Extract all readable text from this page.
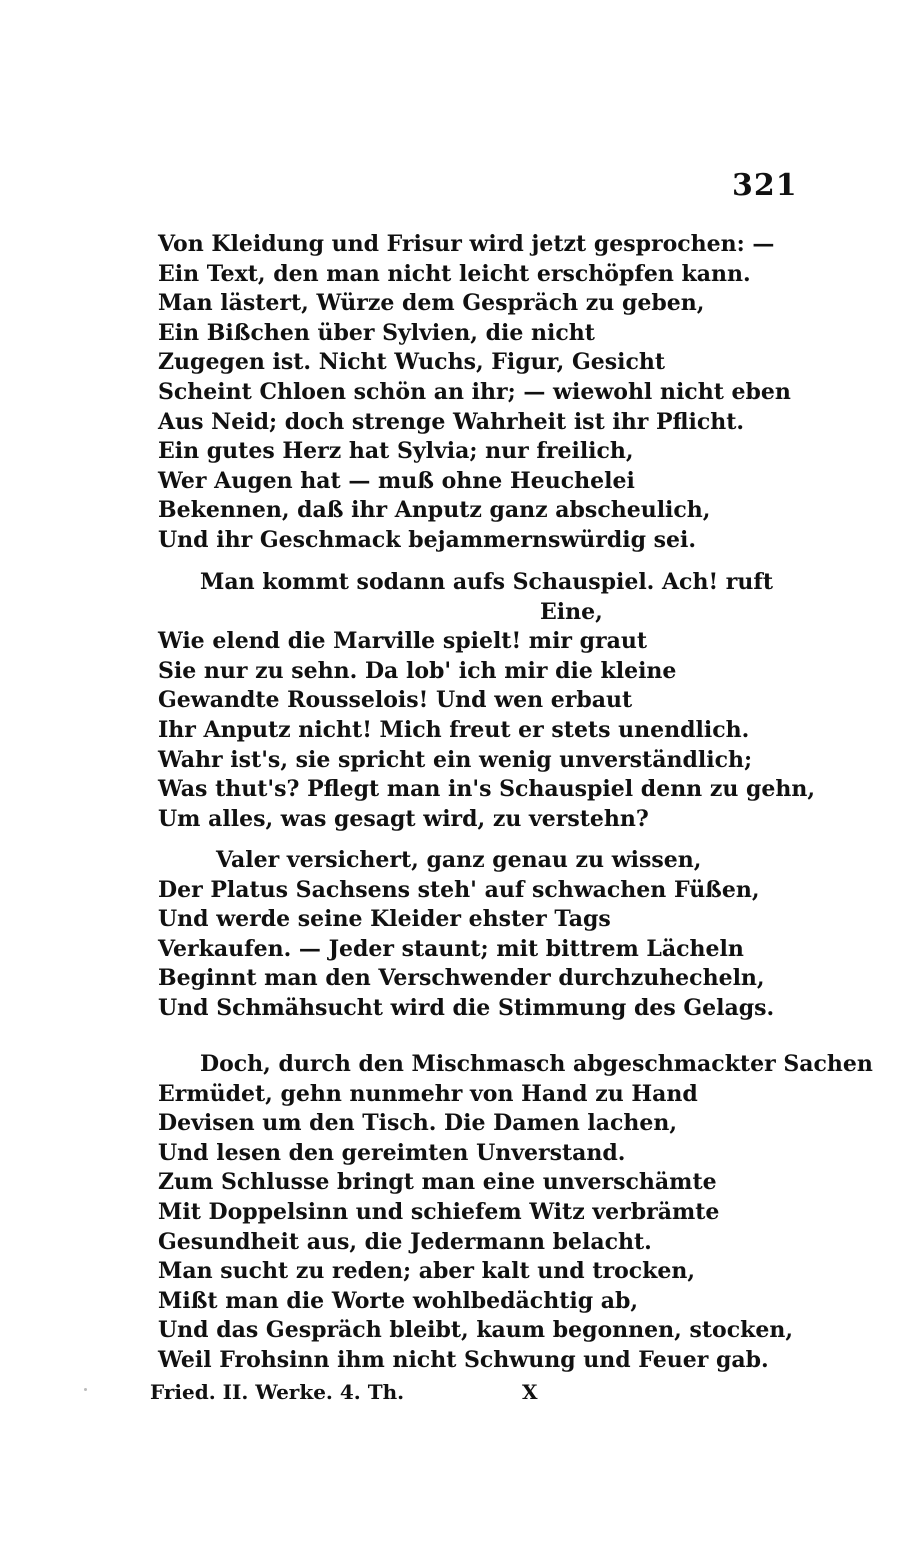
321
Von Kleidung und Frisur wird jetzt gesprochen: —
Ein Text, den man nicht leicht erschöpfen kann.
Man lästert, Würze dem Gespräch zu geben,
Ein Bißchen über Sylvien, die nicht
Zugegen ist. Nicht Wuchs, Figur, Gesicht
Scheint Chloen schön an ihr; — wiewohl nicht eben
Aus Neid; doch strenge Wahrheit ist ihr Pflicht.
Ein gutes Herz hat Sylvia; nur freilich,
Wer Augen hat — muß ohne Heuchelei
Bekennen, daß ihr Anputz ganz abscheulich,
Und ihr Geschmack bejammernswürdig sei.
Man kommt sodann aufs Schauspiel. Ach! ruft
Eine,
Wie elend die Marville spielt! mir graut
Sie nur zu sehn. Da lob' ich mir die kleine
Gewandte Rousselois! Und wen erbaut
Ihr Anputz nicht! Mich freut er stets unendlich.
Wahr ist's, sie spricht ein wenig unverständlich;
Was thut's? Pflegt man in's Schauspiel denn zu gehn,
Um alles, was gesagt wird, zu verstehn?
Valer versichert, ganz genau zu wissen,
Der Platus Sachsens steh' auf schwachen Füßen,
Und werde seine Kleider ehster Tags
Verkaufen. — Jeder staunt; mit bittrem Lächeln
Beginnt man den Verschwender durchzuhecheln,
Und Schmähsucht wird die Stimmung des Gelags.
Doch, durch den Mischmasch abgeschmackter Sachen
Ermüdet, gehn nunmehr von Hand zu Hand
Devisen um den Tisch. Die Damen lachen,
Und lesen den gereimten Unverstand.
Zum Schlusse bringt man eine unverschämte
Mit Doppelsinn und schiefem Witz verbrämte
Gesundheit aus, die Jedermann belacht.
Man sucht zu reden; aber kalt und trocken,
Mißt man die Worte wohlbedächtig ab,
Und das Gespräch bleibt, kaum begonnen, stocken,
Weil Frohsinn ihm nicht Schwung und Feuer gab.
Fried. II. Werke. 4. Th.	X
